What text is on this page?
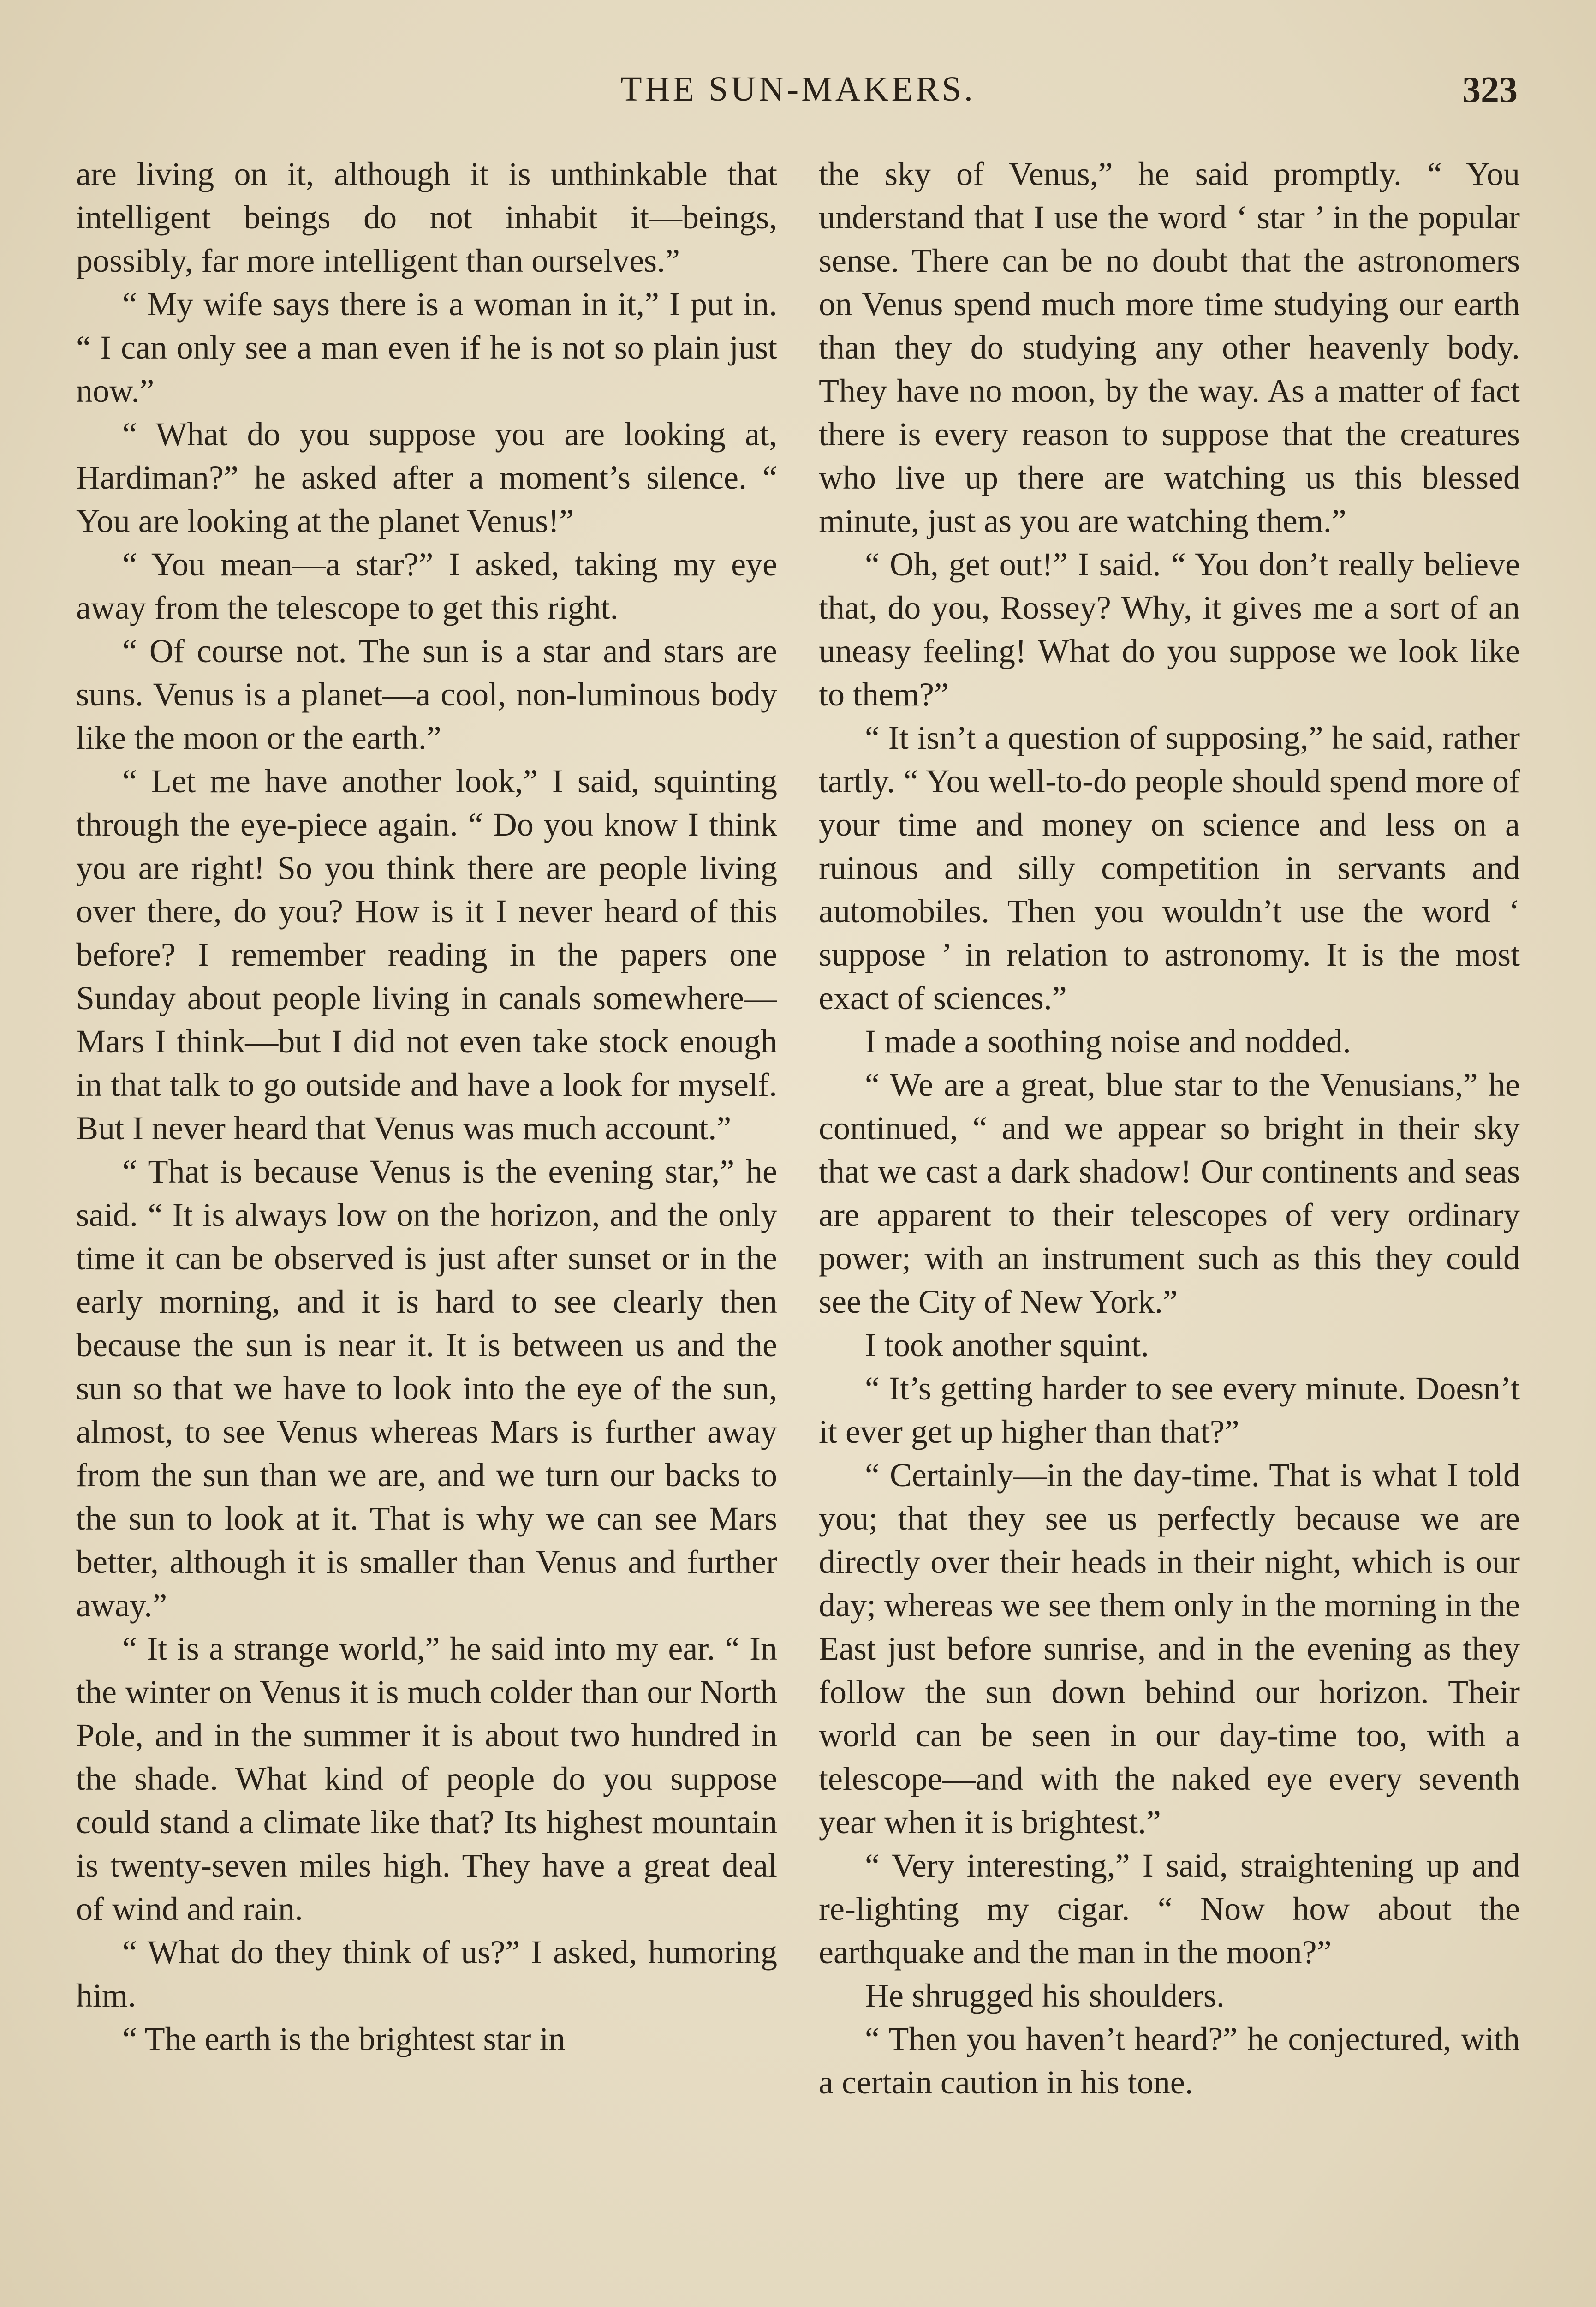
THE SUN-MAKERS.	323

are living on it, although it is unthinkable that intelligent beings do not inhabit it—beings, possibly, far more intelligent than ourselves.”

“ My wife says there is a woman in it,” I put in. “ I can only see a man even if he is not so plain just now.”

“ What do you suppose you are looking at, Hardiman?” he asked after a moment’s silence. “ You are looking at the planet Venus!”

“ You mean—a star?” I asked, taking my eye away from the telescope to get this right.

“ Of course not. The sun is a star and stars are suns. Venus is a planet—a cool, non-luminous body like the moon or the earth.”

“ Let me have another look,” I said, squinting through the eye-piece again. “ Do you know I think you are right! So you think there are people living over there, do you? How is it I never heard of this before? I remember reading in the papers one Sunday about people living in canals somewhere—Mars I think—but I did not even take stock enough in that talk to go outside and have a look for myself. But I never heard that Venus was much account.”

“ That is because Venus is the evening star,” he said. “ It is always low on the horizon, and the only time it can be observed is just after sunset or in the early morning, and it is hard to see clearly then because the sun is near it. It is between us and the sun so that we have to look into the eye of the sun, almost, to see Venus whereas Mars is further away from the sun than we are, and we turn our backs to the sun to look at it. That is why we can see Mars better, although it is smaller than Venus and further away.”

“ It is a strange world,” he said into my ear. “ In the winter on Venus it is much colder than our North Pole, and in the summer it is about two hundred in the shade. What kind of people do you suppose could stand a climate like that? Its highest mountain is twenty-seven miles high. They have a great deal of wind and rain.

“ What do they think of us?” I asked, humoring him.

“ The earth is the brightest star in

the sky of Venus,” he said promptly. “ You understand that I use the word ‘ star ’ in the popular sense. There can be no doubt that the astronomers on Venus spend much more time studying our earth than they do studying any other heavenly body. They have no moon, by the way. As a matter of fact there is every reason to suppose that the creatures who live up there are watching us this blessed minute, just as you are watching them.”

“ Oh, get out!” I said. “ You don’t really believe that, do you, Rossey? Why, it gives me a sort of an uneasy feeling! What do you suppose we look like to them?”

“ It isn’t a question of supposing,” he said, rather tartly. “ You well-to-do people should spend more of your time and money on science and less on a ruinous and silly competition in servants and automobiles. Then you wouldn’t use the word ‘ suppose ’ in relation to astronomy. It is the most exact of sciences.”

I made a soothing noise and nodded.

“ We are a great, blue star to the Venusians,” he continued, “ and we appear so bright in their sky that we cast a dark shadow! Our continents and seas are apparent to their telescopes of very ordinary power; with an instrument such as this they could see the City of New York.”

I took another squint.

“ It’s getting harder to see every minute. Doesn’t it ever get up higher than that?”

“ Certainly—in the day-time. That is what I told you; that they see us perfectly because we are directly over their heads in their night, which is our day; whereas we see them only in the morning in the East just before sunrise, and in the evening as they follow the sun down behind our horizon. Their world can be seen in our day-time too, with a telescope—and with the naked eye every seventh year when it is brightest.”

“ Very interesting,” I said, straightening up and re-lighting my cigar. “ Now how about the earthquake and the man in the moon?”

He shrugged his shoulders.

“ Then you haven’t heard?” he conjectured, with a certain caution in his tone.
